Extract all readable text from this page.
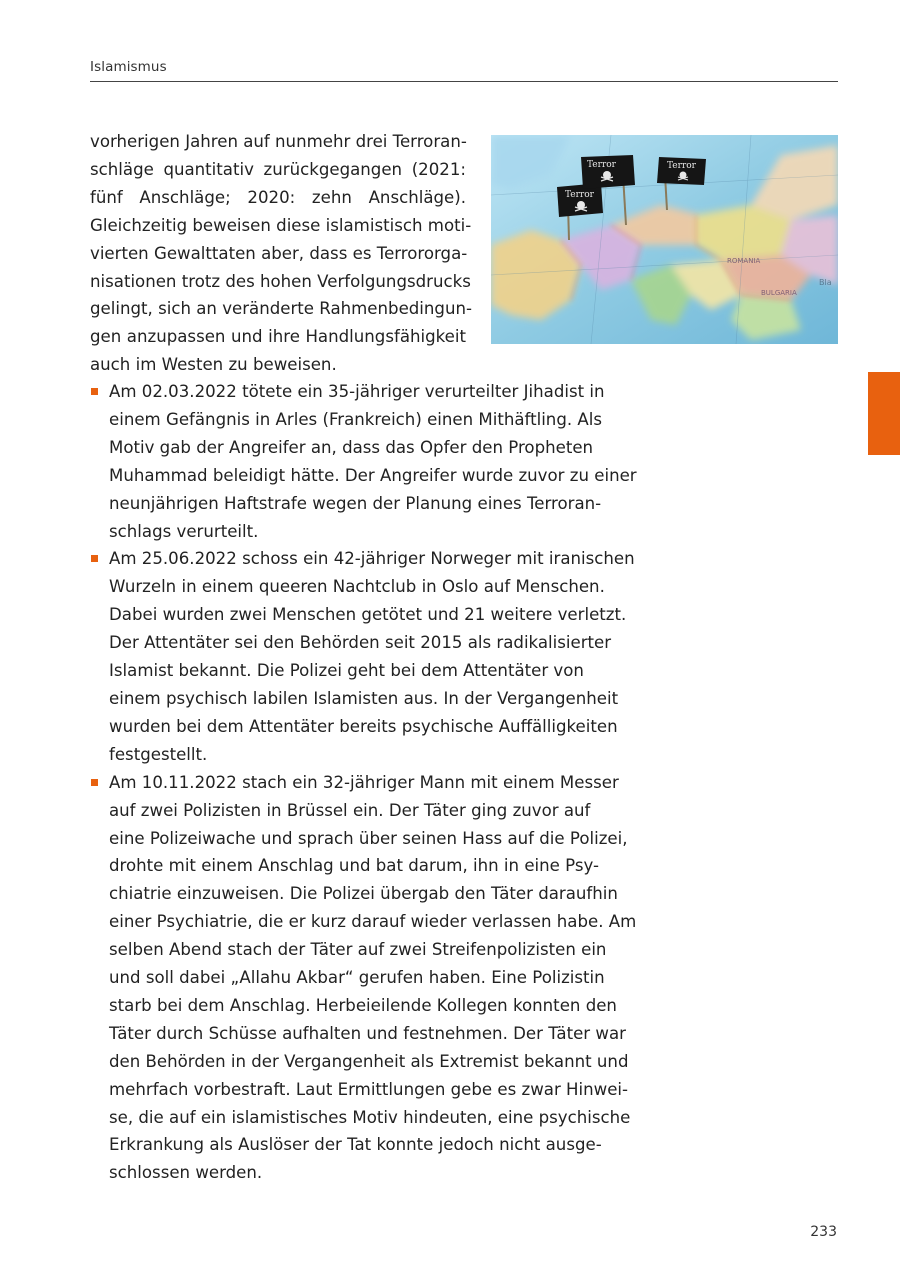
Islamismus
vorherigen Jahren auf nunmehr drei Terroran-
schläge quantitativ zurückgegangen (2021:
fünf Anschläge; 2020: zehn Anschläge).
Gleichzeitig beweisen diese islamistisch moti-
vierten Gewalttaten aber, dass es Terrororga-
nisationen trotz des hohen Verfolgungsdrucks
gelingt, sich an veränderte Rahmenbedingun-
gen anzupassen und ihre Handlungsfähigkeit
auch im Westen zu beweisen.
ROMANIA
BULGARIA
Bla
Terror
Terror	Terror
Am 02.03.2022 tötete ein 35-jähriger verurteilter Jihadist in
einem Gefängnis in Arles (Frankreich) einen Mithäftling. Als
Motiv gab der Angreifer an, dass das Opfer den Propheten
Muhammad beleidigt hätte. Der Angreifer wurde zuvor zu einer
neunjährigen Haftstrafe wegen der Planung eines Terroran-
schlags verurteilt.
Am 25.06.2022 schoss ein 42-jähriger Norweger mit iranischen
Wurzeln in einem queeren Nachtclub in Oslo auf Menschen.
Dabei wurden zwei Menschen getötet und 21 weitere verletzt.
Der Attentäter sei den Behörden seit 2015 als radikalisierter
Islamist bekannt. Die Polizei geht bei dem Attentäter von
einem psychisch labilen Islamisten aus. In der Vergangenheit
wurden bei dem Attentäter bereits psychische Auffälligkeiten
festgestellt.
Am 10.11.2022 stach ein 32-jähriger Mann mit einem Messer
auf zwei Polizisten in Brüssel ein. Der Täter ging zuvor auf
eine Polizeiwache und sprach über seinen Hass auf die Polizei,
drohte mit einem Anschlag und bat darum, ihn in eine Psy-
chiatrie einzuweisen. Die Polizei übergab den Täter daraufhin
einer Psychiatrie, die er kurz darauf wieder verlassen habe. Am
selben Abend stach der Täter auf zwei Streifenpolizisten ein
und soll dabei „Allahu Akbar“ gerufen haben. Eine Polizistin
starb bei dem Anschlag. Herbeieilende Kollegen konnten den
Täter durch Schüsse aufhalten und festnehmen. Der Täter war
den Behörden in der Vergangenheit als Extremist bekannt und
mehrfach vorbestraft. Laut Ermittlungen gebe es zwar Hinwei-
se, die auf ein islamistisches Motiv hindeuten, eine psychische
Erkrankung als Auslöser der Tat konnte jedoch nicht ausge-
schlossen werden.
233
